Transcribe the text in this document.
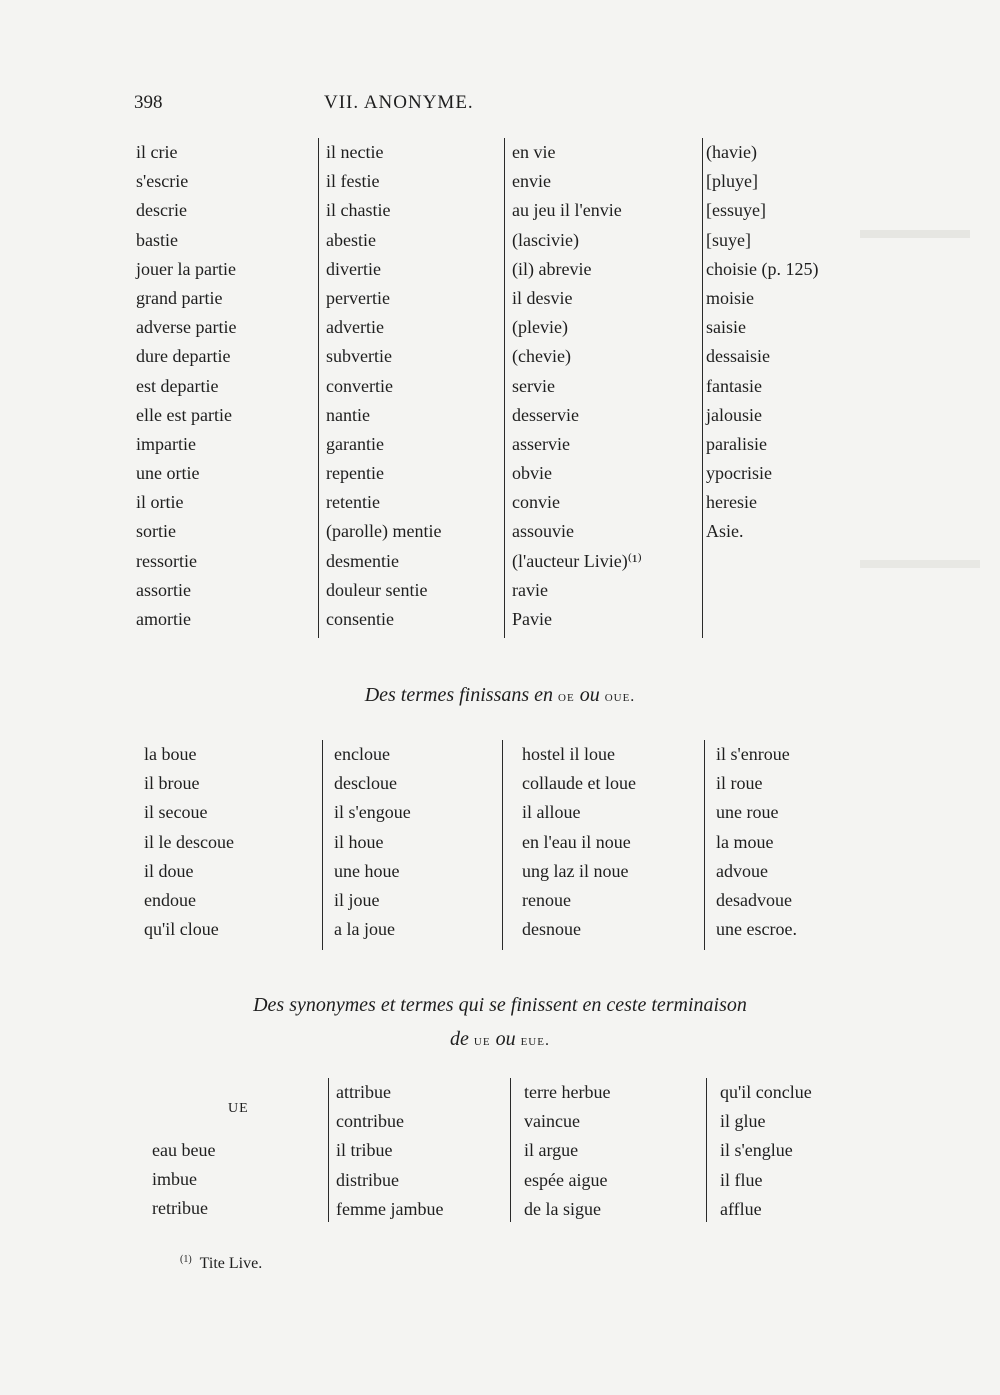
398	VII. ANONYME.
il crie
s'escrie
descrie
bastie
jouer la partie
grand partie
adverse partie
dure departie
est departie
elle est partie
impartie
une ortie
il ortie
sortie
ressortie
assortie
amortie
il nectie
il festie
il chastie
abestie
divertie
pervertie
advertie
subvertie
convertie
nantie
garantie
repentie
retentie
(parolle) mentie
desmentie
douleur sentie
consentie
en vie
envie
au jeu il l'envie
(lascivie)
(il) abrevie
il desvie
(plevie)
(chevie)
servie
desservie
asservie
obvie
convie
assouvie
(l'aucteur Livie)⁽¹⁾
ravie
Pavie
(havie)
[pluye]
[essuye]
[suye]
choisie (p. 125)
moisie
saisie
dessaisie
fantasie
jalousie
paralisie
ypocrisie
heresie
Asie.
Des termes finissans en oe ou oue.
la boue
il broue
il secoue
il le descoue
il doue
endoue
qu'il cloue
encloue
descloue
il s'engoue
il houe
une houe
il joue
a la joue
hostel il loue
collaude et loue
il alloue
en l'eau il noue
ung laz il noue
renoue
desnoue
il s'enroue
il roue
une roue
la moue
advoue
desadvoue
une escroe.
Des synonymes et termes qui se finissent en ceste terminaison
de ue ou eue.
UE
eau beue
imbue
retribue
attribue
contribue
il tribue
distribue
femme jambue
terre herbue
vaincue
il argue
espée aigue
de la sigue
qu'il conclue
il glue
il s'englue
il flue
afflue
$^{(1)}$ Tite Live.
